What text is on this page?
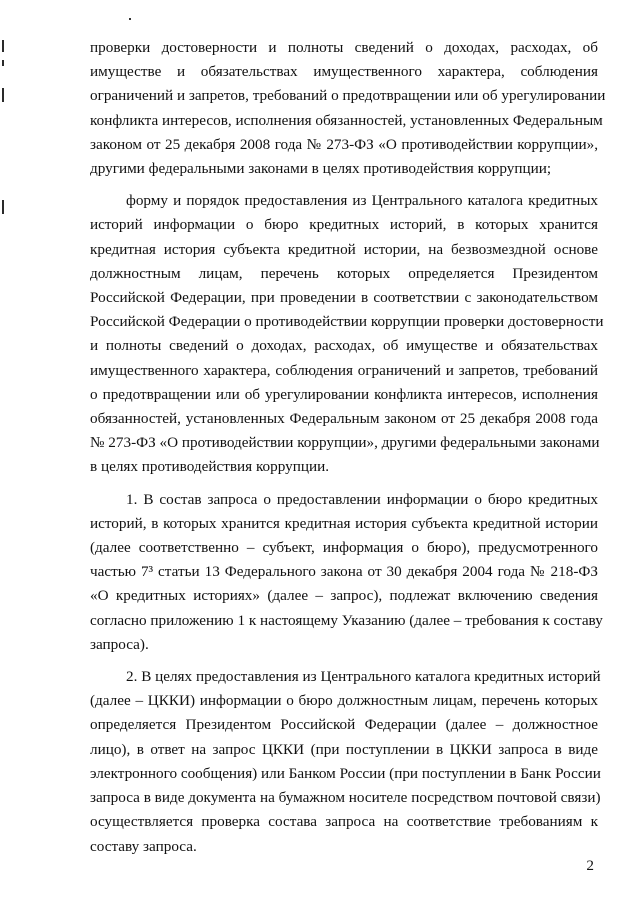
проверки достоверности и полноты сведений о доходах, расходах, об
имуществе и обязательствах имущественного характера, соблюдения
ограничений и запретов, требований о предотвращении или об урегулировании
конфликта интересов, исполнения обязанностей, установленных Федеральным
законом от 25 декабря 2008 года № 273-ФЗ «О противодействии коррупции»,
другими федеральными законами в целях противодействия коррупции;

форму и порядок предоставления из Центрального каталога кредитных
историй информации о бюро кредитных историй, в которых хранится
кредитная история субъекта кредитной истории, на безвозмездной основе
должностным лицам, перечень которых определяется Президентом
Российской Федерации, при проведении в соответствии с законодательством
Российской Федерации о противодействии коррупции проверки достоверности
и полноты сведений о доходах, расходах, об имуществе и обязательствах
имущественного характера, соблюдения ограничений и запретов, требований
о предотвращении или об урегулировании конфликта интересов, исполнения
обязанностей, установленных Федеральным законом от 25 декабря 2008 года
№ 273-ФЗ «О противодействии коррупции», другими федеральными законами
в целях противодействия коррупции.

1. В состав запроса о предоставлении информации о бюро кредитных
историй, в которых хранится кредитная история субъекта кредитной истории
(далее соответственно – субъект, информация о бюро), предусмотренного
частью 7³ статьи 13 Федерального закона от 30 декабря 2004 года № 218-ФЗ
«О кредитных историях» (далее – запрос), подлежат включению сведения
согласно приложению 1 к настоящему Указанию (далее – требования к составу
запроса).

2. В целях предоставления из Центрального каталога кредитных историй
(далее – ЦККИ) информации о бюро должностным лицам, перечень которых
определяется Президентом Российской Федерации (далее – должностное
лицо), в ответ на запрос ЦККИ (при поступлении в ЦККИ запроса в виде
электронного сообщения) или Банком России (при поступлении в Банк России
запроса в виде документа на бумажном носителе посредством почтовой связи)
осуществляется проверка состава запроса на соответствие требованиям к
составу запроса.

2
